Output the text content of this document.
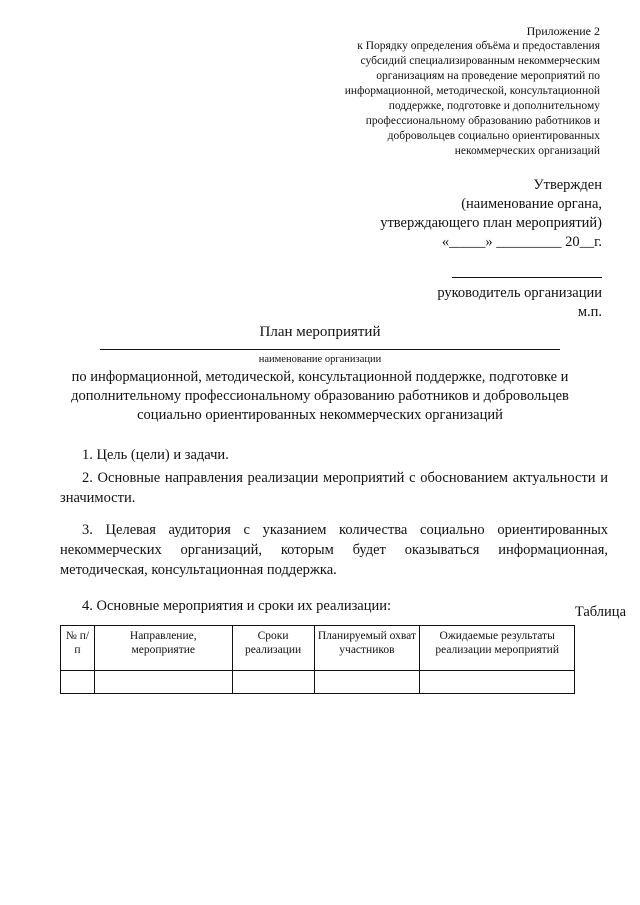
Приложение 2
к Порядку определения объёма и предоставления
субсидий специализированным некоммерческим
организациям на проведение мероприятий по
информационной, методической, консультационной
поддержке, подготовке и дополнительному
профессиональному образованию работников и
добровольцев социально ориентированных
некоммерческих организаций
Утвержден
(наименование органа,
утверждающего план мероприятий)
«_____» _________ 20__г.
руководитель организации
м.п.
План мероприятий
наименование организации
по информационной, методической, консультационной поддержке, подготовке и
дополнительному профессиональному образованию работников и добровольцев
социально ориентированных некоммерческих организаций
1. Цель (цели) и задачи.
2. Основные направления реализации мероприятий с обоснованием актуальности и значимости.
3. Целевая аудитория с указанием количества социально ориентированных некоммерческих организаций, которым будет оказываться информационная, методическая, консультационная поддержка.
4. Основные мероприятия и сроки их реализации:	Таблица
№ п/п	Направление, мероприятие	Сроки реализации	Планируемый охват участников	Ожидаемые результаты реализации мероприятий
